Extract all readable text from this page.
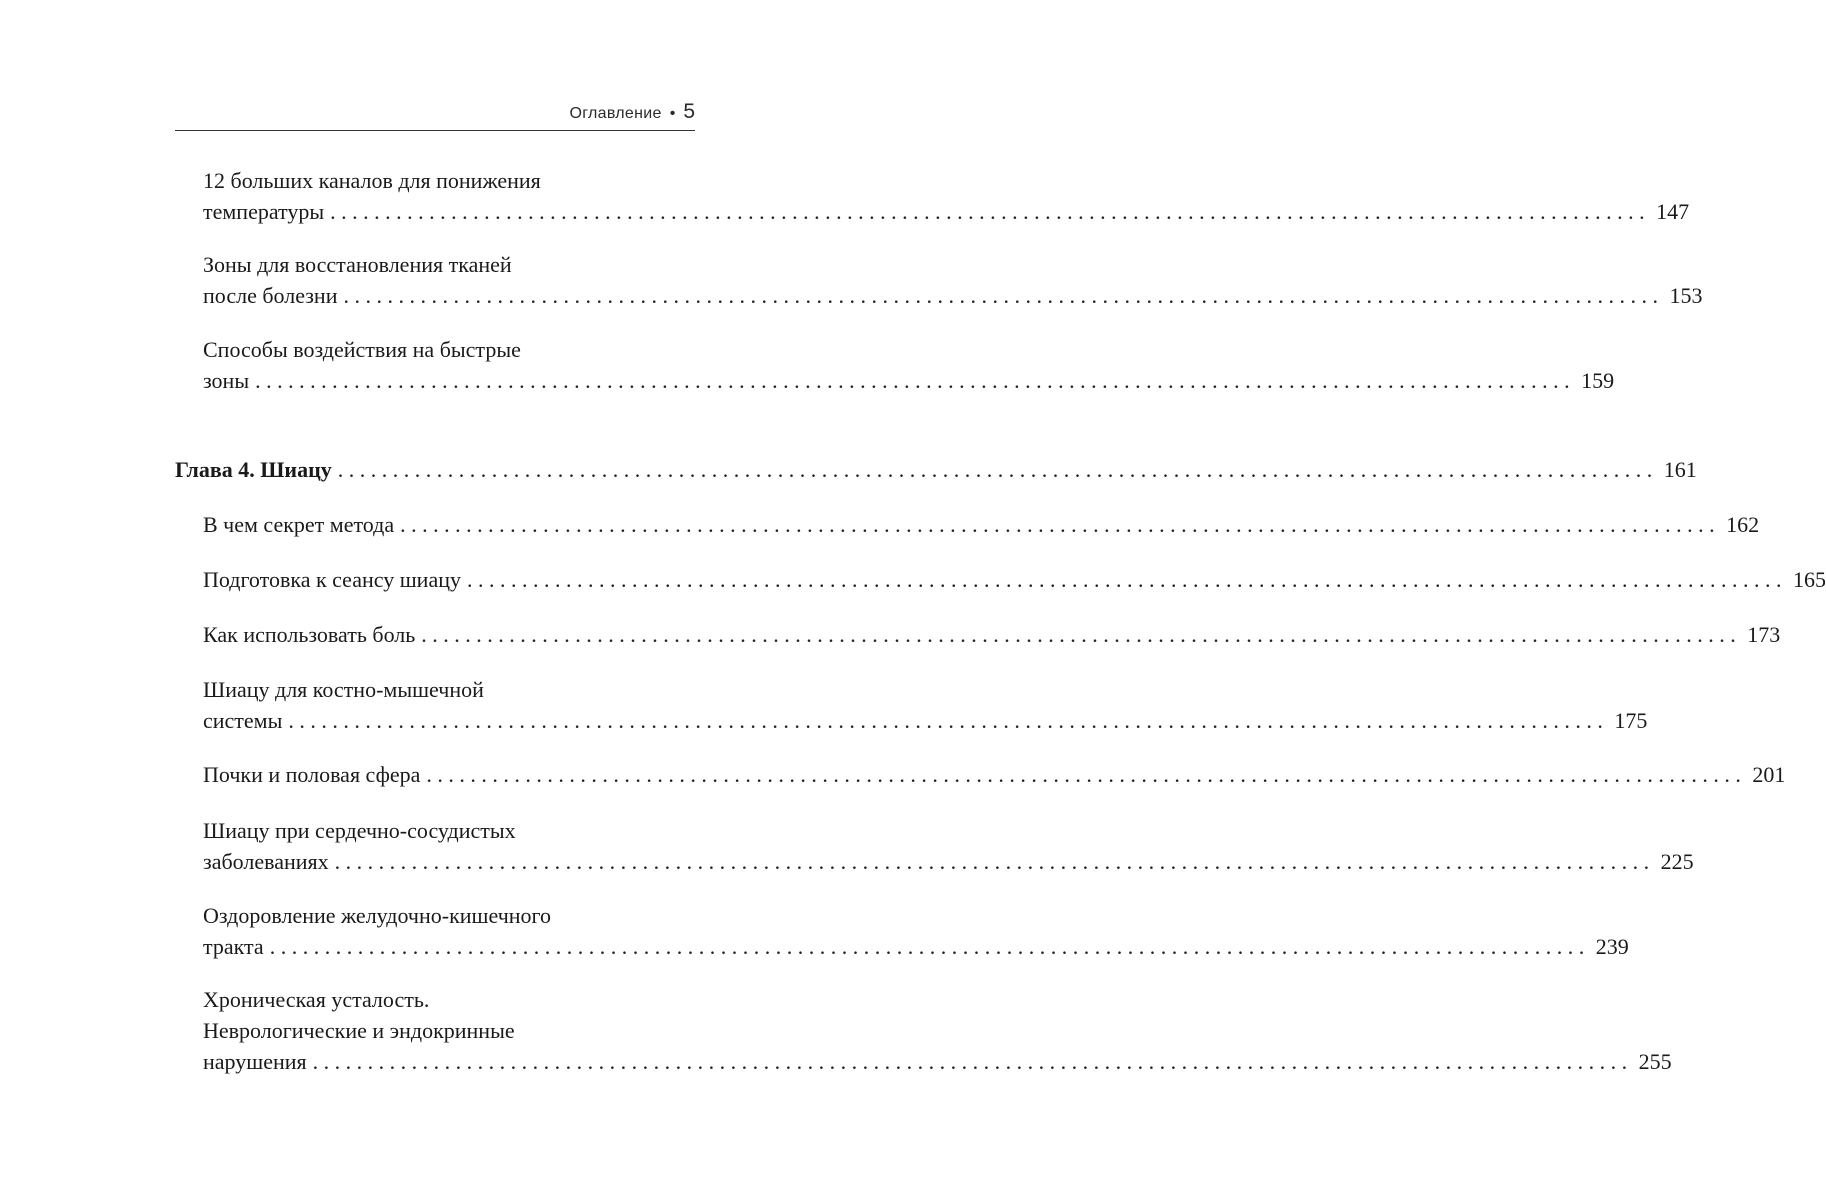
Оглавление • 5
12 больших каналов для понижения
температуры ........................................................................................................................ 147
Зоны для восстановления тканей
после болезни ........................................................................................................................ 153
Способы воздействия на быстрые
зоны ........................................................................................................................ 159
Глава 4. Шиацу ........................................................................................................................ 161
В чем секрет метода ........................................................................................................................ 162
Подготовка к сеансу шиацу ........................................................................................................................ 165
Как использовать боль ........................................................................................................................ 173
Шиацу для костно-мышечной
системы ........................................................................................................................ 175
Почки и половая сфера ........................................................................................................................ 201
Шиацу при сердечно-сосудистых
заболеваниях ........................................................................................................................ 225
Оздоровление желудочно-кишечного
тракта ........................................................................................................................ 239
Хроническая усталость.
Неврологические и эндокринные
нарушения ........................................................................................................................ 255
